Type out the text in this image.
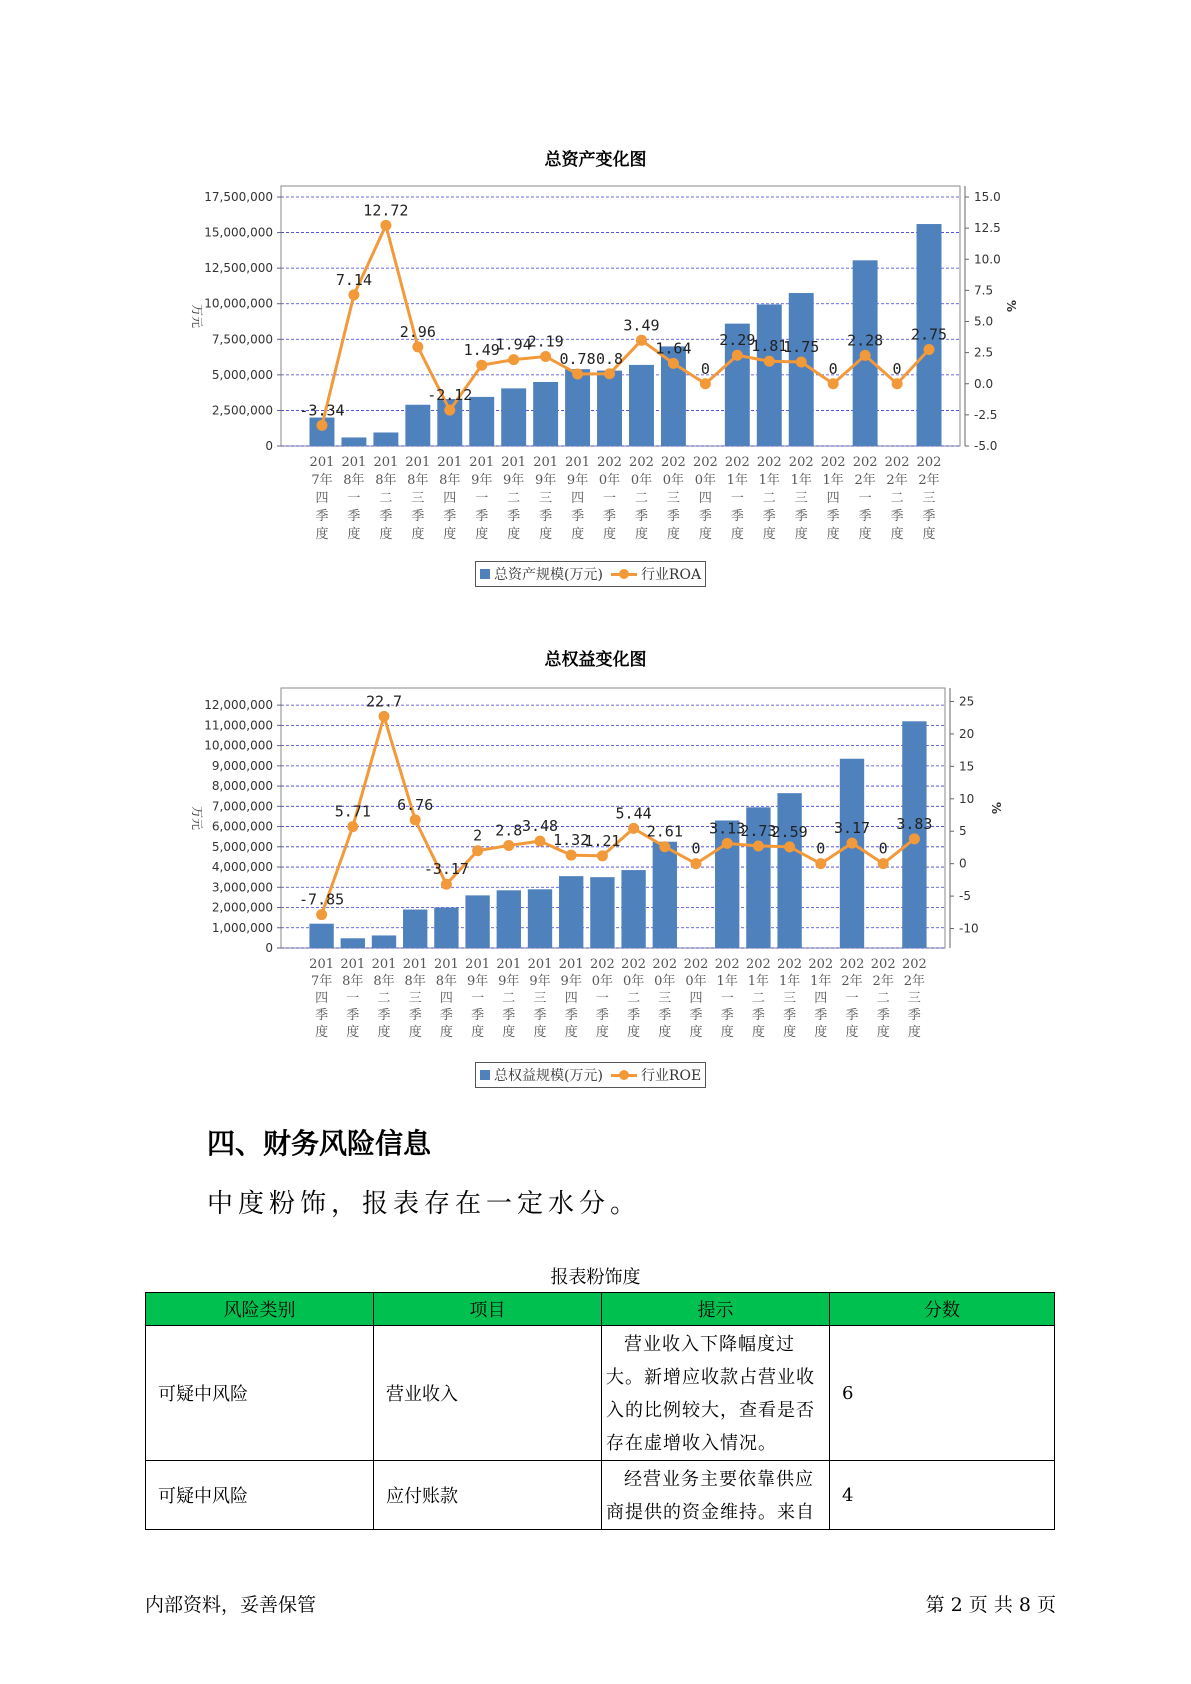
总资产变化图
0
2,500,000
5,000,000
7,500,000
10,000,000
12,500,000
15,000,000
17,500,000
-5.0
-2.5
0.0
2.5
5.0
7.5
10.0
12.5
15.0
万元	%
201 7年四季度
201 8年一季度
201 8年二季度
201 8年三季度
201 8年四季度
201 9年一季度
201 9年二季度
201 9年三季度
201 9年四季度
202 0年一季度
202 0年二季度
202 0年三季度
202 0年四季度
202 1年一季度
202 1年二季度
202 1年三季度
202 1年四季度
202 2年一季度
202 2年二季度
202 2年三季度
-3.34
7.14
12.72
2.96
-2.12
1.49
1.94
2.19
0.78 0.8
3.49
1.64
0
2.29
1.81
1.75
0
2.28
0
2.75
总资产规模(万元)	行业ROA
总权益变化图
0
1,000,000
2,000,000
3,000,000
4,000,000
5,000,000
6,000,000
7,000,000
8,000,000
9,000,000
10,000,000
11,000,000
12,000,000
-10
-5
0
5
10
15
20
25
万元	%
201 7年四季度
201 8年一季度
201 8年二季度
201 8年三季度
201 8年四季度
201 9年一季度
201 9年二季度
201 9年三季度
201 9年四季度
202 0年一季度
202 0年二季度
202 0年三季度
202 0年四季度
202 1年一季度
202 1年二季度
202 1年三季度
202 1年四季度
202 2年一季度
202 2年二季度
202 2年三季度
-7.85
5.71
22.7
6.76
-3.17
2 2.8 3.48
1.32
1.21
5.44
2.61
0
3.13
2.73
2.59
0
3.17
0
3.83
总权益规模(万元)	行业ROE
四、财务风险信息
中度粉饰，报表存在一定水分。
报表粉饰度
风险类别	项目	提示	分数
可疑中风险	营业收入	营业收入下降幅度过大。新增应收款占营业收入的比例较大，查看是否存在虚增收入情况。	6
可疑中风险	应付账款	经营业务主要依靠供应商提供的资金维持。来自	4
内部资料，妥善保管	第 2 页 共 8 页
